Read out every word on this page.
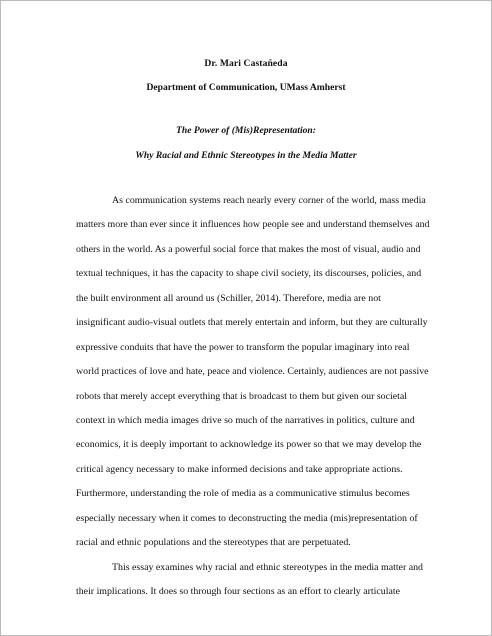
Dr. Mari Castañeda
Department of Communication, UMass Amherst
The Power of (Mis)Representation:
Why Racial and Ethnic Stereotypes in the Media Matter
As communication systems reach nearly every corner of the world, mass media
matters more than ever since it influences how people see and understand themselves and
others in the world. As a powerful social force that makes the most of visual, audio and
textual techniques, it has the capacity to shape civil society, its discourses, policies, and
the built environment all around us (Schiller, 2014). Therefore, media are not
insignificant audio-visual outlets that merely entertain and inform, but they are culturally
expressive conduits that have the power to transform the popular imaginary into real
world practices of love and hate, peace and violence. Certainly, audiences are not passive
robots that merely accept everything that is broadcast to them but given our societal
context in which media images drive so much of the narratives in politics, culture and
economics, it is deeply important to acknowledge its power so that we may develop the
critical agency necessary to make informed decisions and take appropriate actions.
Furthermore, understanding the role of media as a communicative stimulus becomes
especially necessary when it comes to deconstructing the media (mis)representation of
racial and ethnic populations and the stereotypes that are perpetuated.
This essay examines why racial and ethnic stereotypes in the media matter and
their implications. It does so through four sections as an effort to clearly articulate
